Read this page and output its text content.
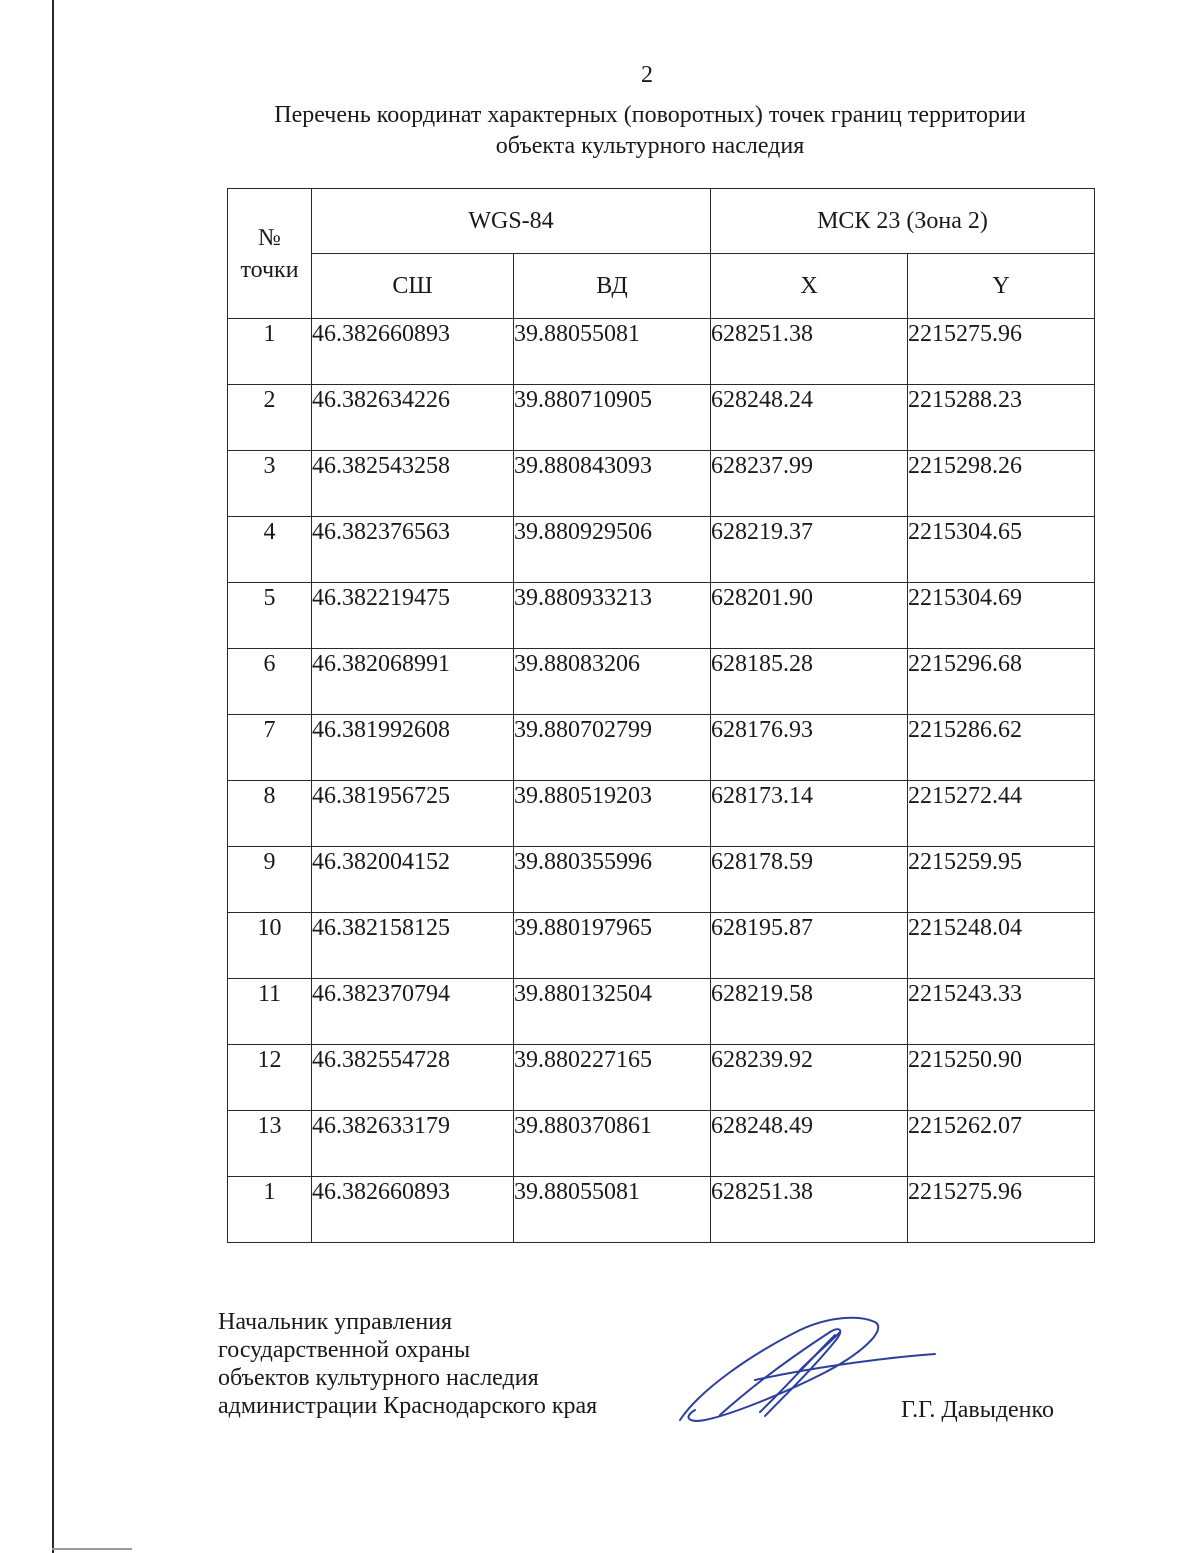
2
Перечень координат характерных (поворотных) точек границ территории
объекта культурного наследия
№
точки	WGS-84		МСК 23 (Зона 2)	
	СШ	ВД	X	Y
1	46.382660893	39.88055081	628251.38	2215275.96
2	46.382634226	39.880710905	628248.24	2215288.23
3	46.382543258	39.880843093	628237.99	2215298.26
4	46.382376563	39.880929506	628219.37	2215304.65
5	46.382219475	39.880933213	628201.90	2215304.69
6	46.382068991	39.88083206	628185.28	2215296.68
7	46.381992608	39.880702799	628176.93	2215286.62
8	46.381956725	39.880519203	628173.14	2215272.44
9	46.382004152	39.880355996	628178.59	2215259.95
10	46.382158125	39.880197965	628195.87	2215248.04
11	46.382370794	39.880132504	628219.58	2215243.33
12	46.382554728	39.880227165	628239.92	2215250.90
13	46.382633179	39.880370861	628248.49	2215262.07
1	46.382660893	39.88055081	628251.38	2215275.96
Начальник управления
государственной охраны
объектов культурного наследия
администрации Краснодарского края	Г.Г. Давыденко
